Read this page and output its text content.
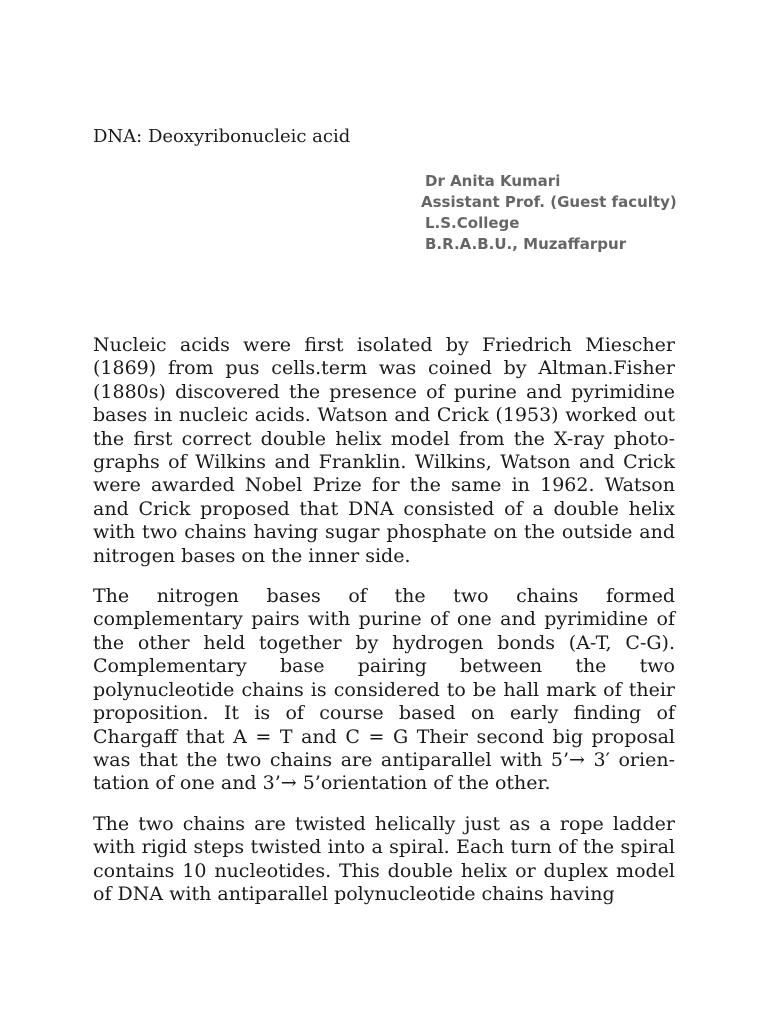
DNA: Deoxyribonucleic acid
Dr Anita Kumari
Assistant Prof. (Guest faculty)
L.S.College
B.R.A.B.U., Muzaffarpur

Nucleic acids were first isolated by Friedrich Miescher (1869) from pus cells.term was coined by Altman.Fisher (1880s) discovered the presence of purine and pyrimidine bases in nucleic acids. Watson and Crick (1953) worked out the first correct double helix model from the X-ray photographs of Wilkins and Franklin. Wilkins, Watson and Crick were awarded Nobel Prize for the same in 1962. Watson and Crick proposed that DNA consisted of a double helix with two chains having sugar phosphate on the outside and nitrogen bases on the inner side.

The nitrogen bases of the two chains formed complementary pairs with purine of one and pyrimidine of the other held together by hydrogen bonds (A-T, C-G). Complementary base pairing between the two polynucleotide chains is considered to be hall mark of their proposition. It is of course based on early finding of Chargaff that A = T and C = G Their second big proposal was that the two chains are antiparallel with 5’→ 3′ orientation of one and 3’→ 5’orientation of the other.

The two chains are twisted helically just as a rope ladder with rigid steps twisted into a spiral. Each turn of the spiral contains 10 nucleotides. This double helix or duplex model of DNA with antiparallel polynucleotide chains having
